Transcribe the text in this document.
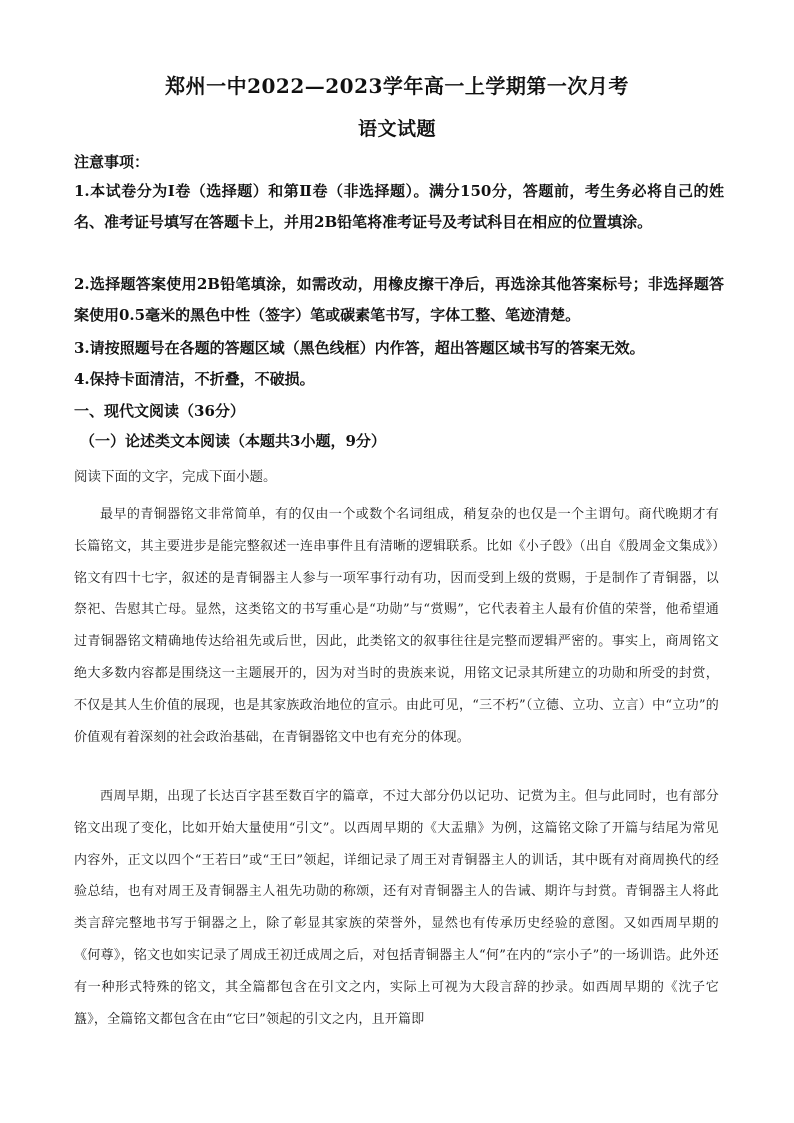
郑州一中2022—2023学年高一上学期第一次月考
语文试题
注意事项：
1.本试卷分为Ⅰ卷（选择题）和第Ⅱ卷（非选择题）。满分150分，答题前，考生务必将自己的姓名、准考证号填写在答题卡上，并用2B铅笔将准考证号及考试科目在相应的位置填涂。
2.选择题答案使用2B铅笔填涂，如需改动，用橡皮擦干净后，再选涂其他答案标号；非选择题答案使用0.5毫米的黑色中性（签字）笔或碳素笔书写，字体工整、笔迹清楚。
3.请按照题号在各题的答题区域（黑色线框）内作答，超出答题区域书写的答案无效。
4.保持卡面清洁，不折叠，不破损。
一、现代文阅读（36分）
（一）论述类文本阅读（本题共3小题，9分）
阅读下面的文字，完成下面小题。

最早的青铜器铭文非常简单，有的仅由一个或数个名词组成，稍复杂的也仅是一个主谓句。商代晚期才有长篇铭文，其主要进步是能完整叙述一连串事件且有清晰的逻辑联系。比如《小子𣪘》（出自《殷周金文集成》）铭文有四十七字，叙述的是青铜器主人参与一项军事行动有功，因而受到上级的赏赐，于是制作了青铜器，以祭祀、告慰其亡母。显然，这类铭文的书写重心是“功勋”与“赏赐”，它代表着主人最有价值的荣誉，他希望通过青铜器铭文精确地传达给祖先或后世，因此，此类铭文的叙事往往是完整而逻辑严密的。事实上，商周铭文绝大多数内容都是围绕这一主题展开的，因为对当时的贵族来说，用铭文记录其所建立的功勋和所受的封赏，不仅是其人生价值的展现，也是其家族政治地位的宣示。由此可见，“三不朽”（立德、立功、立言）中“立功”的价值观有着深刻的社会政治基础，在青铜器铭文中也有充分的体现。

西周早期，出现了长达百字甚至数百字的篇章，不过大部分仍以记功、记赏为主。但与此同时，也有部分铭文出现了变化，比如开始大量使用“引文”。以西周早期的《大盂鼎》为例，这篇铭文除了开篇与结尾为常见内容外，正文以四个“王若曰”或“王曰”领起，详细记录了周王对青铜器主人的训话，其中既有对商周换代的经验总结，也有对周王及青铜器主人祖先功勋的称颂，还有对青铜器主人的告诫、期许与封赏。青铜器主人将此类言辞完整地书写于铜器之上，除了彰显其家族的荣誉外，显然也有传承历史经验的意图。又如西周早期的《何尊》，铭文也如实记录了周成王初迁成周之后，对包括青铜器主人“何”在内的“宗小子”的一场训诰。此外还有一种形式特殊的铭文，其全篇都包含在引文之内，实际上可视为大段言辞的抄录。如西周早期的《沈子它簋》，全篇铭文都包含在由“它曰”领起的引文之内，且开篇即
